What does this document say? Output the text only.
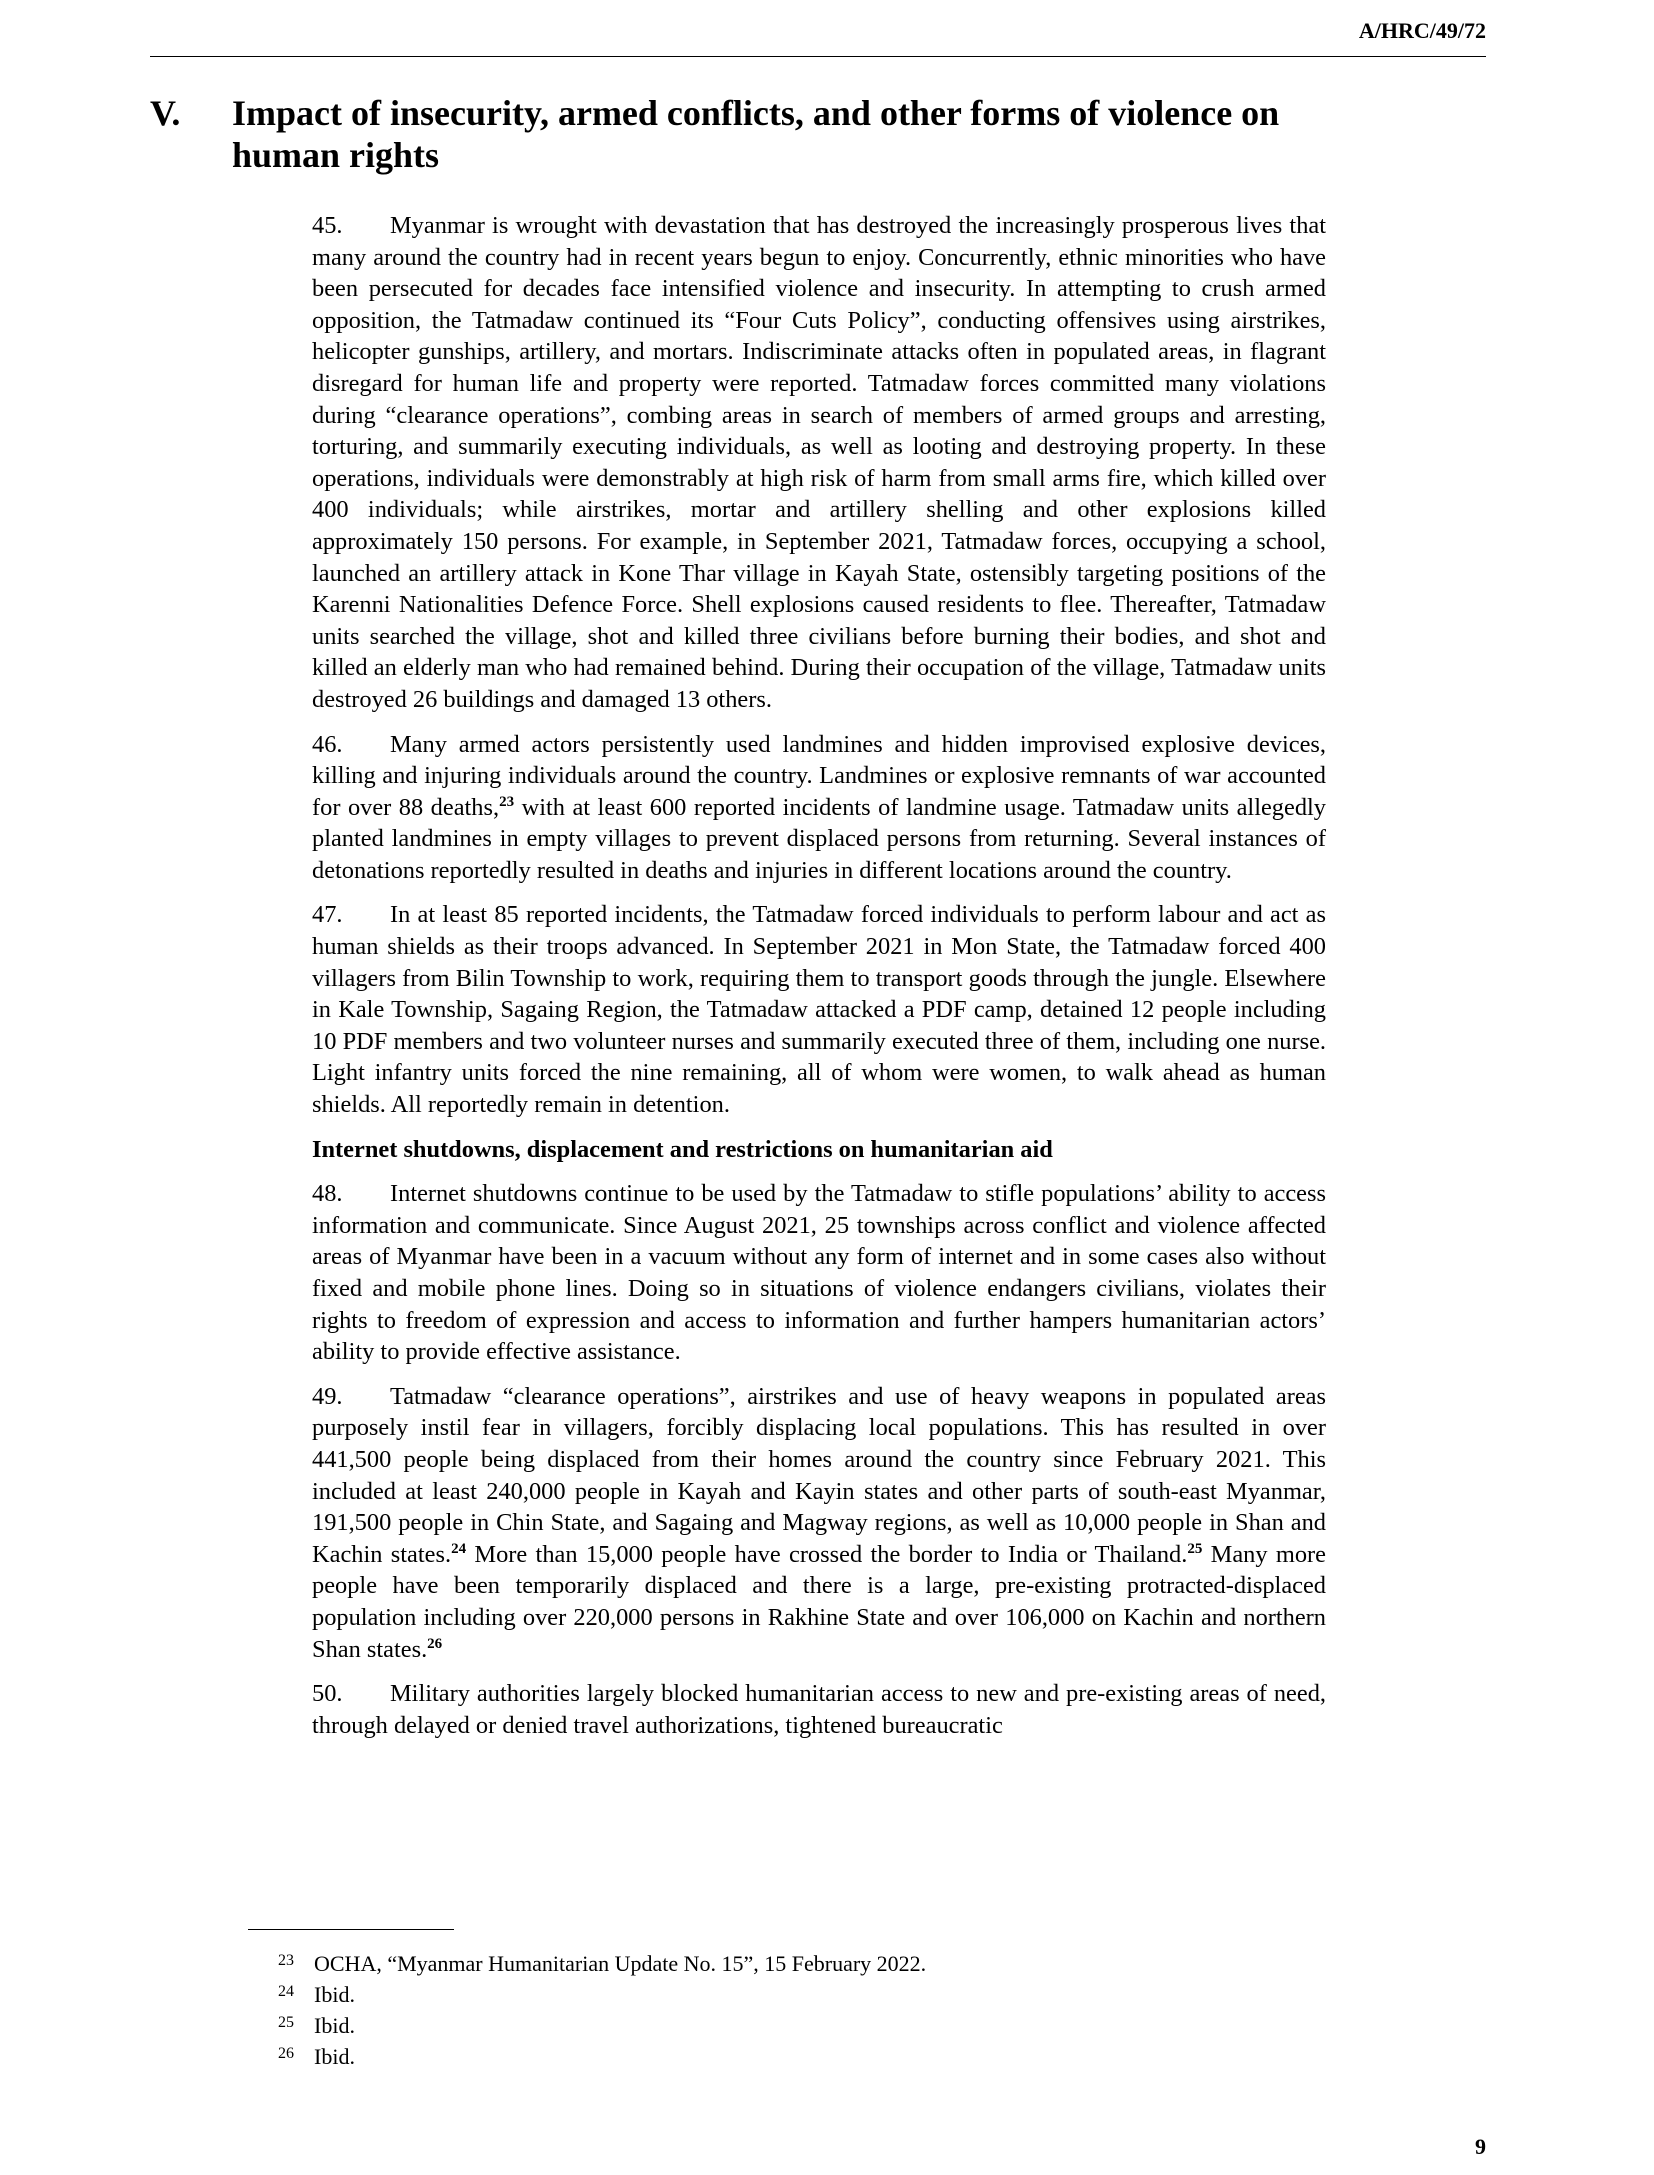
A/HRC/49/72
V. Impact of insecurity, armed conflicts, and other forms of violence on human rights

45. Myanmar is wrought with devastation that has destroyed the increasingly prosperous lives that many around the country had in recent years begun to enjoy. Concurrently, ethnic minorities who have been persecuted for decades face intensified violence and insecurity. In attempting to crush armed opposition, the Tatmadaw continued its “Four Cuts Policy”, conducting offensives using airstrikes, helicopter gunships, artillery, and mortars. Indiscriminate attacks often in populated areas, in flagrant disregard for human life and property were reported. Tatmadaw forces committed many violations during “clearance operations”, combing areas in search of members of armed groups and arresting, torturing, and summarily executing individuals, as well as looting and destroying property. In these operations, individuals were demonstrably at high risk of harm from small arms fire, which killed over 400 individuals; while airstrikes, mortar and artillery shelling and other explosions killed approximately 150 persons. For example, in September 2021, Tatmadaw forces, occupying a school, launched an artillery attack in Kone Thar village in Kayah State, ostensibly targeting positions of the Karenni Nationalities Defence Force. Shell explosions caused residents to flee. Thereafter, Tatmadaw units searched the village, shot and killed three civilians before burning their bodies, and shot and killed an elderly man who had remained behind. During their occupation of the village, Tatmadaw units destroyed 26 buildings and damaged 13 others.

46. Many armed actors persistently used landmines and hidden improvised explosive devices, killing and injuring individuals around the country. Landmines or explosive remnants of war accounted for over 88 deaths,$^{23}$ with at least 600 reported incidents of landmine usage. Tatmadaw units allegedly planted landmines in empty villages to prevent displaced persons from returning. Several instances of detonations reportedly resulted in deaths and injuries in different locations around the country.

47. In at least 85 reported incidents, the Tatmadaw forced individuals to perform labour and act as human shields as their troops advanced. In September 2021 in Mon State, the Tatmadaw forced 400 villagers from Bilin Township to work, requiring them to transport goods through the jungle. Elsewhere in Kale Township, Sagaing Region, the Tatmadaw attacked a PDF camp, detained 12 people including 10 PDF members and two volunteer nurses and summarily executed three of them, including one nurse. Light infantry units forced the nine remaining, all of whom were women, to walk ahead as human shields. All reportedly remain in detention.

Internet shutdowns, displacement and restrictions on humanitarian aid

48. Internet shutdowns continue to be used by the Tatmadaw to stifle populations’ ability to access information and communicate. Since August 2021, 25 townships across conflict and violence affected areas of Myanmar have been in a vacuum without any form of internet and in some cases also without fixed and mobile phone lines. Doing so in situations of violence endangers civilians, violates their rights to freedom of expression and access to information and further hampers humanitarian actors’ ability to provide effective assistance.

49. Tatmadaw “clearance operations”, airstrikes and use of heavy weapons in populated areas purposely instil fear in villagers, forcibly displacing local populations. This has resulted in over 441,500 people being displaced from their homes around the country since February 2021. This included at least 240,000 people in Kayah and Kayin states and other parts of south-east Myanmar, 191,500 people in Chin State, and Sagaing and Magway regions, as well as 10,000 people in Shan and Kachin states.$^{24}$ More than 15,000 people have crossed the border to India or Thailand.$^{25}$ Many more people have been temporarily displaced and there is a large, pre-existing protracted-displaced population including over 220,000 persons in Rakhine State and over 106,000 on Kachin and northern Shan states.$^{26}$

50. Military authorities largely blocked humanitarian access to new and pre-existing areas of need, through delayed or denied travel authorizations, tightened bureaucratic

23 OCHA, “Myanmar Humanitarian Update No. 15”, 15 February 2022.
24 Ibid.
25 Ibid.
26 Ibid.
9
